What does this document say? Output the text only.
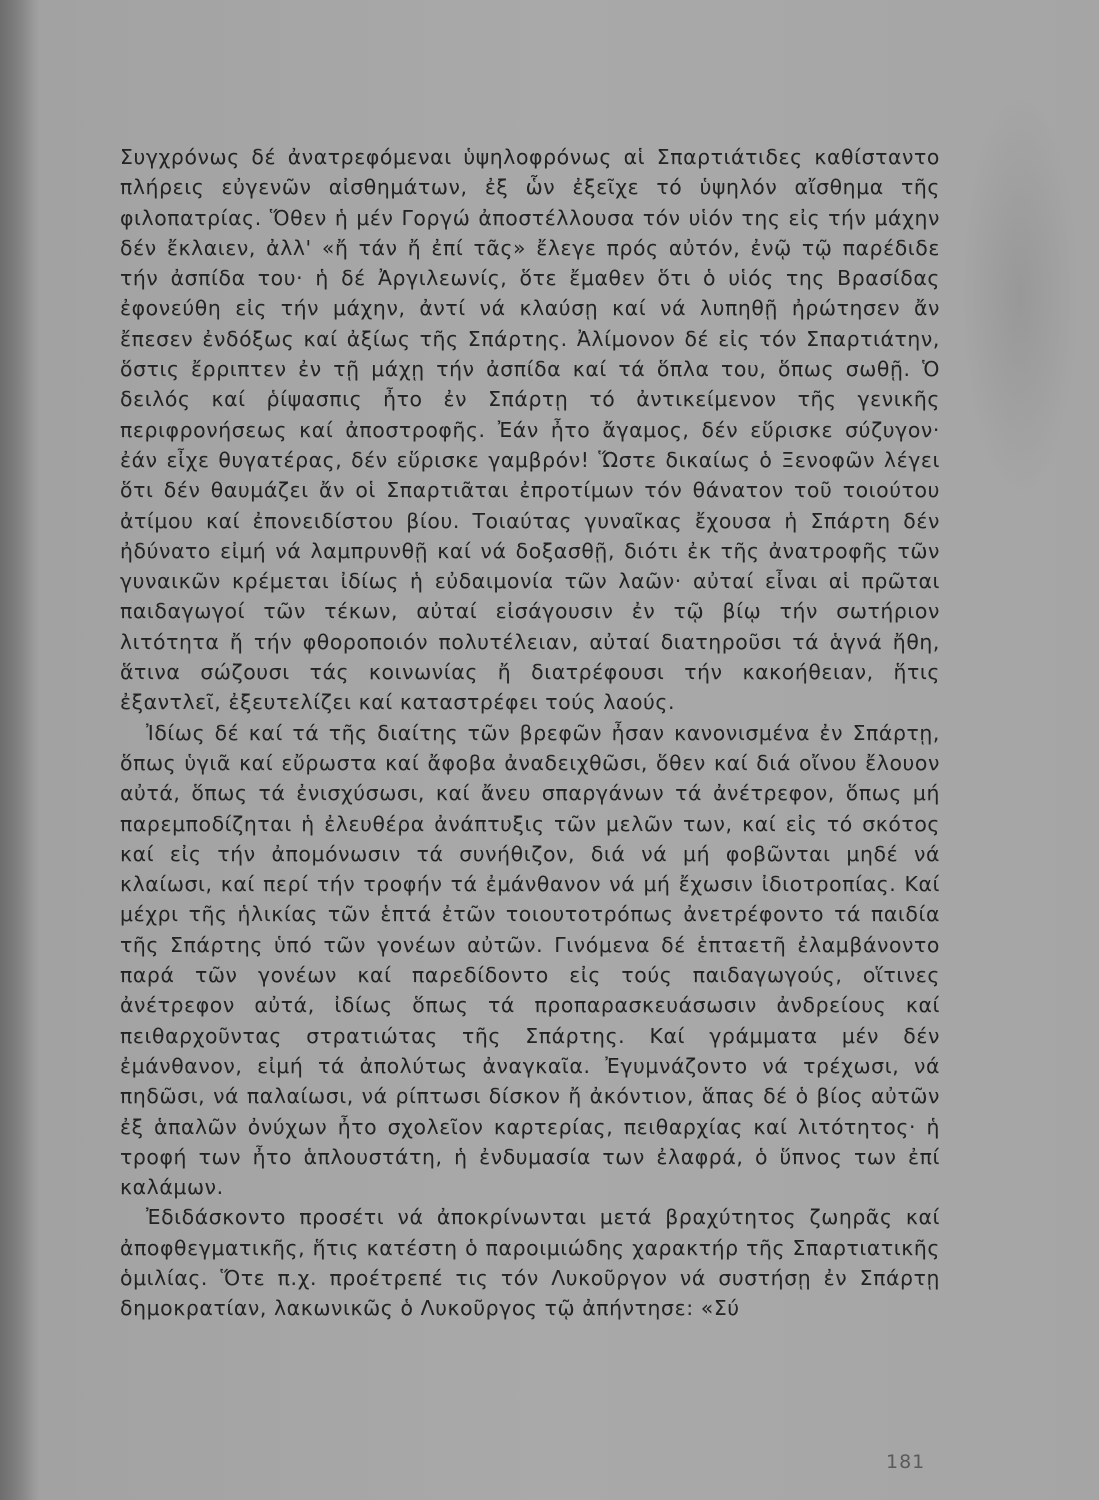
Συγχρόνως δέ ἀνατρεφόμεναι ὑψηλοφρόνως αἱ Σπαρτιάτιδες καθίσταντο πλήρεις εὐγενῶν αἰσθημάτων, ἐξ ὧν ἐξεῖχε τό ὑψηλόν αἴσθημα τῆς φιλοπατρίας. Ὅθεν ἡ μέν Γοργώ ἀποστέλλουσα τόν υἱόν της εἰς τήν μάχην δέν ἔκλαιεν, ἀλλ' «ἤ τάν ἤ ἐπί τᾶς» ἔλεγε πρός αὐτόν, ἐνῷ τῷ παρέδιδε τήν ἀσπίδα του· ἡ δέ Ἀργιλεωνίς, ὅτε ἔμαθεν ὅτι ὁ υἱός της Βρασίδας ἐφονεύθη εἰς τήν μάχην, ἀντί νά κλαύσῃ καί νά λυπηθῇ ἠρώτησεν ἄν ἔπεσεν ἐνδόξως καί ἀξίως τῆς Σπάρτης. Ἀλίμονον δέ εἰς τόν Σπαρτιάτην, ὅστις ἔρριπτεν ἐν τῇ μάχῃ τήν ἀσπίδα καί τά ὅπλα του, ὅπως σωθῇ. Ὁ δειλός καί ῥίψασπις ἦτο ἐν Σπάρτῃ τό ἀντικείμενον τῆς γενικῆς περιφρονήσεως καί ἀποστροφῆς. Ἐάν ἦτο ἄγαμος, δέν εὕρισκε σύζυγον· ἐάν εἶχε θυγατέρας, δέν εὕρισκε γαμβρόν! Ὥστε δικαίως ὁ Ξενοφῶν λέγει ὅτι δέν θαυμάζει ἄν οἱ Σπαρτιᾶται ἐπροτίμων τόν θάνατον τοῦ τοιούτου ἀτίμου καί ἐπονειδίστου βίου. Τοιαύτας γυναῖκας ἔχουσα ἡ Σπάρτη δέν ἠδύνατο εἰμή νά λαμπρυνθῇ καί νά δοξασθῇ, διότι ἐκ τῆς ἀνατροφῆς τῶν γυναικῶν κρέμεται ἰδίως ἡ εὐδαιμονία τῶν λαῶν· αὐταί εἶναι αἱ πρῶται παιδαγωγοί τῶν τέκων, αὐταί εἰσάγουσιν ἐν τῷ βίῳ τήν σωτήριον λιτότητα ἤ τήν φθοροποιόν πολυτέλειαν, αὐταί διατηροῦσι τά ἁγνά ἤθη, ἅτινα σώζουσι τάς κοινωνίας ἤ διατρέφουσι τήν κακοήθειαν, ἥτις ἐξαντλεῖ, ἐξευτελίζει καί καταστρέφει τούς λαούς.

Ἰδίως δέ καί τά τῆς διαίτης τῶν βρεφῶν ἦσαν κανονισμένα ἐν Σπάρτῃ, ὅπως ὑγιᾶ καί εὔρωστα καί ἄφοβα ἀναδειχθῶσι, ὅθεν καί διά οἴνου ἔλουον αὐτά, ὅπως τά ἐνισχύσωσι, καί ἄνευ σπαργάνων τά ἀνέτρεφον, ὅπως μή παρεμποδίζηται ἡ ἐλευθέρα ἀνάπτυξις τῶν μελῶν των, καί εἰς τό σκότος καί εἰς τήν ἀπομόνωσιν τά συνήθιζον, διά νά μή φοβῶνται μηδέ νά κλαίωσι, καί περί τήν τροφήν τά ἐμάνθανον νά μή ἔχωσιν ἰδιοτροπίας. Καί μέχρι τῆς ἡλικίας τῶν ἑπτά ἐτῶν τοιουτοτρόπως ἀνετρέφοντο τά παιδία τῆς Σπάρτης ὑπό τῶν γονέων αὐτῶν. Γινόμενα δέ ἑπταετῆ ἐλαμβάνοντο παρά τῶν γονέων καί παρεδίδοντο εἰς τούς παιδαγωγούς, οἵτινες ἀνέτρεφον αὐτά, ἰδίως ὅπως τά προπαρασκευάσωσιν ἀνδρείους καί πειθαρχοῦντας στρατιώτας τῆς Σπάρτης. Καί γράμματα μέν δέν ἐμάνθανον, εἰμή τά ἀπολύτως ἀναγκαῖα. Ἐγυμνάζοντο νά τρέχωσι, νά πηδῶσι, νά παλαίωσι, νά ρίπτωσι δίσκον ἤ ἀκόντιον, ἅπας δέ ὁ βίος αὐτῶν ἐξ ἁπαλῶν ὀνύχων ἦτο σχολεῖον καρτερίας, πειθαρχίας καί λιτότητος· ἡ τροφή των ἦτο ἁπλουστάτη, ἡ ἐνδυμασία των ἐλαφρά, ὁ ὕπνος των ἐπί καλάμων.

Ἐδιδάσκοντο προσέτι νά ἀποκρίνωνται μετά βραχύτητος ζωηρᾶς καί ἀποφθεγματικῆς, ἥτις κατέστη ὁ παροιμιώδης χαρακτήρ τῆς Σπαρτιατικῆς ὁμιλίας. Ὅτε π.χ. προέτρεπέ τις τόν Λυκοῦργον νά συστήσῃ ἐν Σπάρτῃ δημοκρατίαν, λακωνικῶς ὁ Λυκοῦργος τῷ ἀπήντησε: «Σύ

181
